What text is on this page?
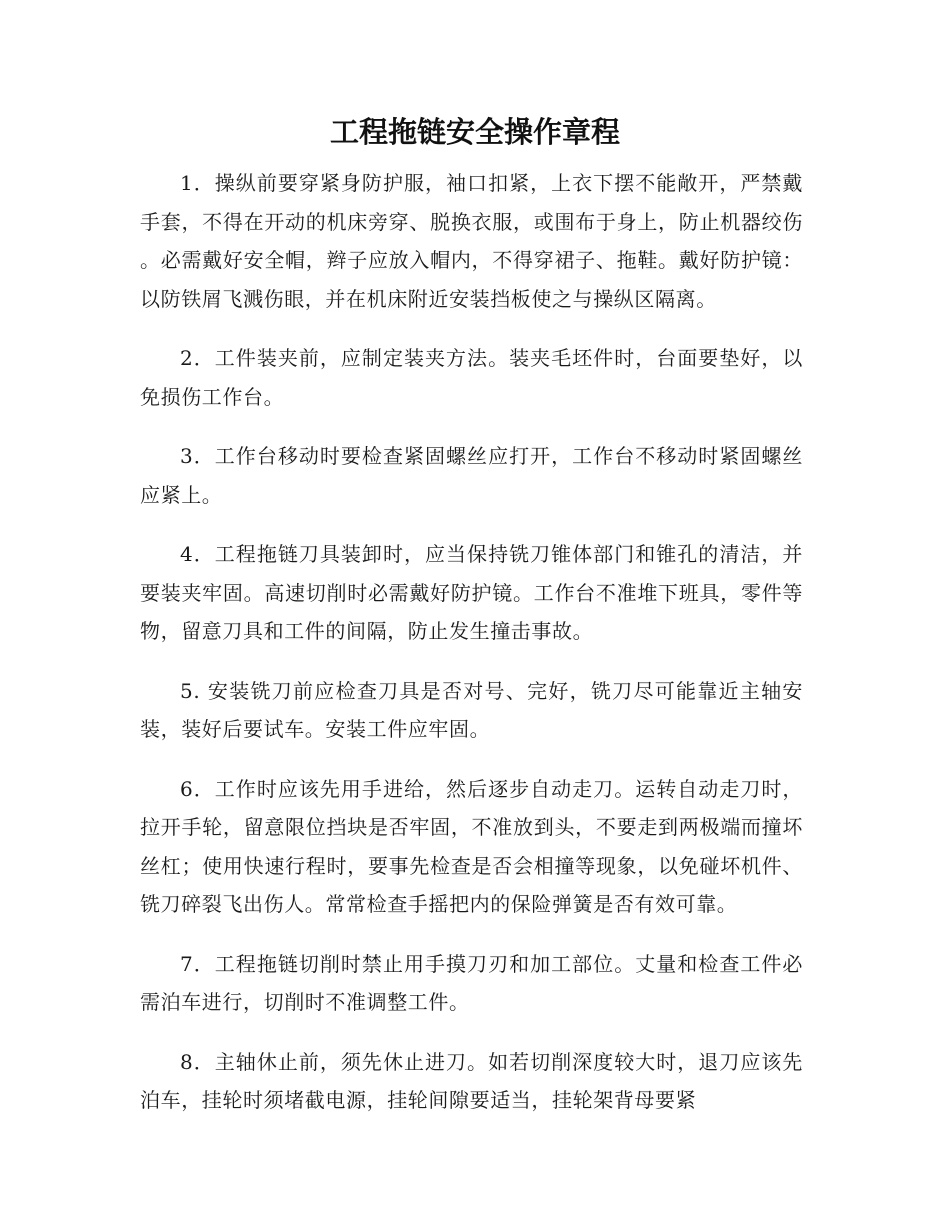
工程拖链安全操作章程

1．操纵前要穿紧身防护服，袖口扣紧，上衣下摆不能敞开，严禁戴手套，不得在开动的机床旁穿、脱换衣服，或围布于身上，防止机器绞伤。必需戴好安全帽，辫子应放入帽内，不得穿裙子、拖鞋。戴好防护镜：以防铁屑飞溅伤眼，并在机床附近安装挡板使之与操纵区隔离。

2．工件装夹前，应制定装夹方法。装夹毛坯件时，台面要垫好，以免损伤工作台。

3．工作台移动时要检查紧固螺丝应打开，工作台不移动时紧固螺丝应紧上。

4．工程拖链刀具装卸时，应当保持铣刀锥体部门和锥孔的清洁，并要装夹牢固。高速切削时必需戴好防护镜。工作台不准堆下班具，零件等物，留意刀具和工件的间隔，防止发生撞击事故。

5. 安装铣刀前应检查刀具是否对号、完好，铣刀尽可能靠近主轴安装，装好后要试车。安装工件应牢固。

6．工作时应该先用手进给，然后逐步自动走刀。运转自动走刀时，拉开手轮，留意限位挡块是否牢固，不准放到头，不要走到两极端而撞坏丝杠；使用快速行程时，要事先检查是否会相撞等现象，以免碰坏机件、铣刀碎裂飞出伤人。常常检查手摇把内的保险弹簧是否有效可靠。

7．工程拖链切削时禁止用手摸刀刃和加工部位。丈量和检查工件必需泊车进行，切削时不准调整工件。

8．主轴休止前，须先休止进刀。如若切削深度较大时，退刀应该先泊车，挂轮时须堵截电源，挂轮间隙要适当，挂轮架背母要紧
